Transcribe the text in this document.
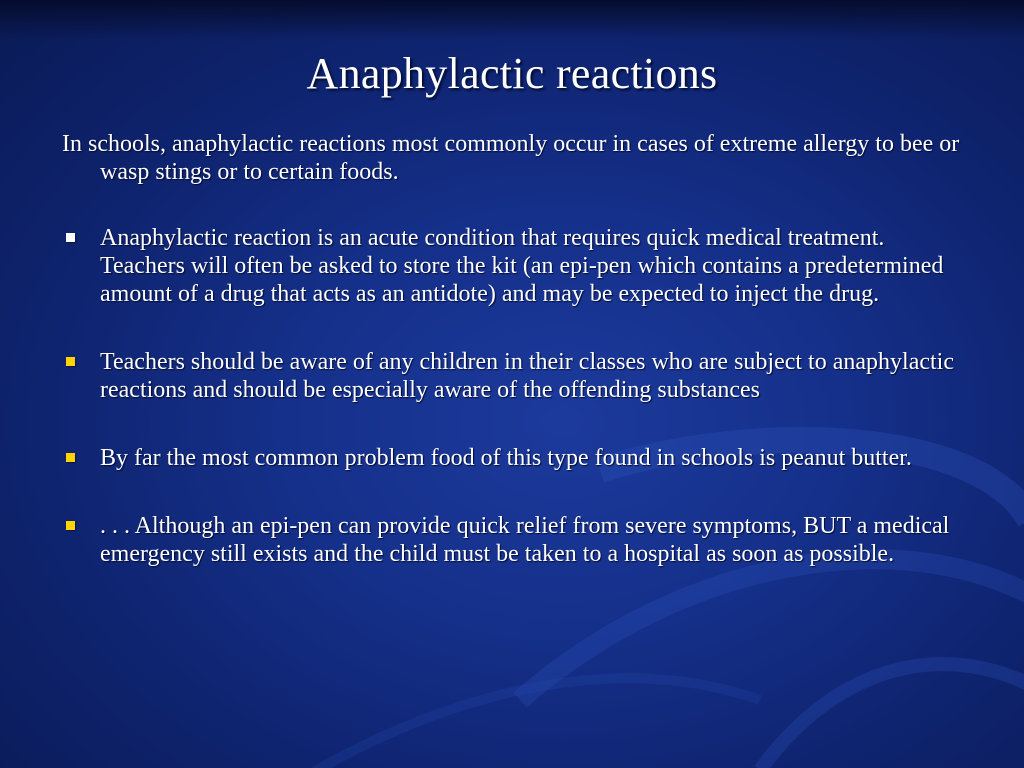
Anaphylactic reactions

In schools, anaphylactic reactions most commonly occur in cases of extreme allergy to bee or wasp stings or to certain foods.

Anaphylactic reaction is an acute condition that requires quick medical treatment. Teachers will often be asked to store the kit (an epi-pen which contains a predetermined amount of a drug that acts as an antidote) and may be expected to inject the drug.
Teachers should be aware of any children in their classes who are subject to anaphylactic reactions and should be especially aware of the offending substances
By far the most common problem food of this type found in schools is peanut butter.
. . . Although an epi-pen can provide quick relief from severe symptoms, BUT a medical emergency still exists and the child must be taken to a hospital as soon as possible.
